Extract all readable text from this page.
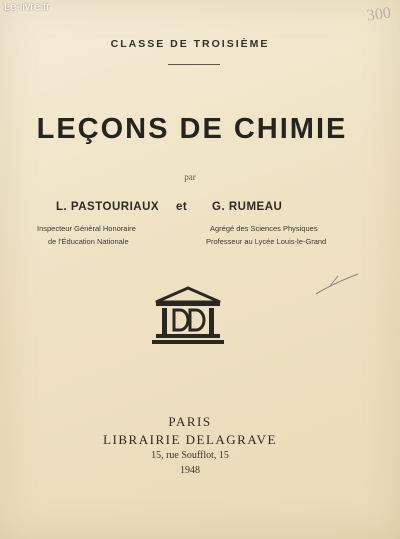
Le-livre.fr	300
CLASSE DE TROISIÈME
LEÇONS DE CHIMIE
par
L. PASTOURIAUX et G. RUMEAU
Inspecteur Général Honoraire
de l'Éducation Nationale
Agrégé des Sciences Physiques
Professeur au Lycée Louis-le-Grand
PARIS
LIBRAIRIE DELAGRAVE
15, rue Soufflot, 15
1948
